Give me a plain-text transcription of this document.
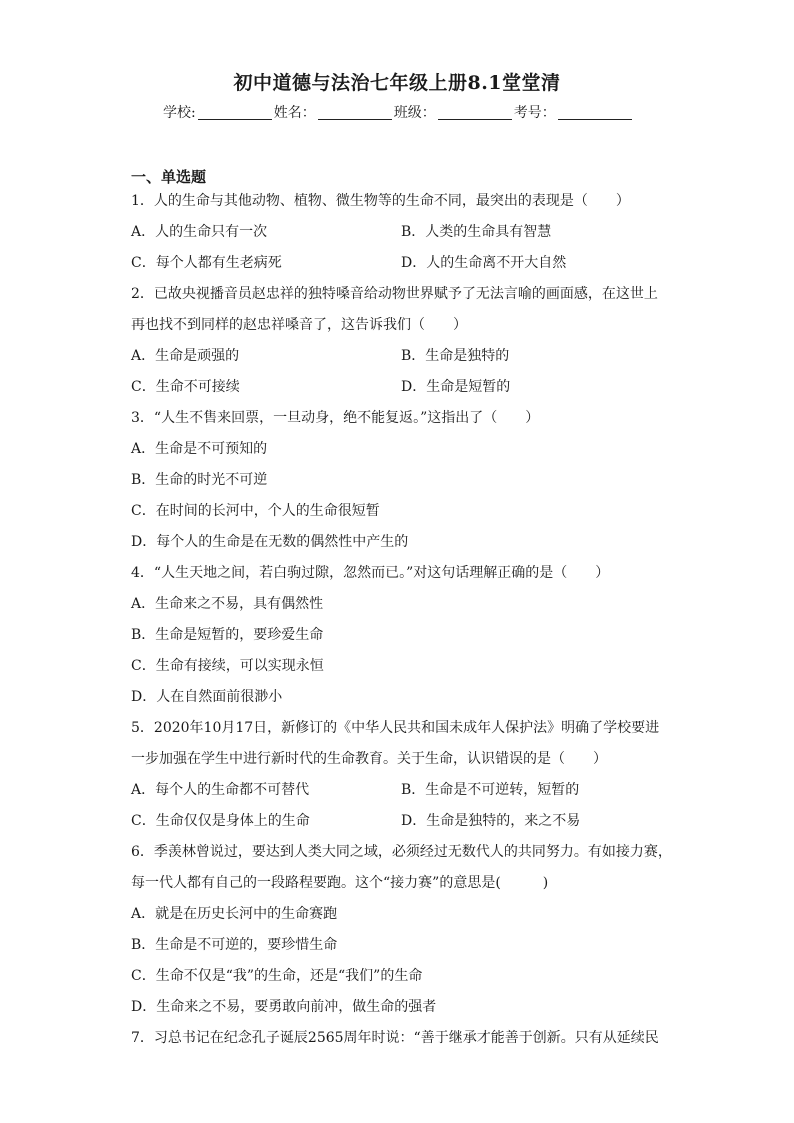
初中道德与法治七年级上册8.1堂堂清
学校:	姓名：	班级：	考号：
一、单选题
1．人的生命与其他动物、植物、微生物等的生命不同，最突出的表现是（　　）
A．人的生命只有一次	B．人类的生命具有智慧
C．每个人都有生老病死	D．人的生命离不开大自然
2．已故央视播音员赵忠祥的独特嗓音给动物世界赋予了无法言喻的画面感，在这世上
再也找不到同样的赵忠祥嗓音了，这告诉我们（　　）
A．生命是顽强的	B．生命是独特的
C．生命不可接续	D．生命是短暂的
3．“人生不售来回票，一旦动身，绝不能复返。”这指出了（　　）
A．生命是不可预知的
B．生命的时光不可逆
C．在时间的长河中，个人的生命很短暂
D．每个人的生命是在无数的偶然性中产生的
4．“人生天地之间，若白驹过隙，忽然而已。”对这句话理解正确的是（　　）
A．生命来之不易，具有偶然性
B．生命是短暂的，要珍爱生命
C．生命有接续，可以实现永恒
D．人在自然面前很渺小
5．2020年10月17日，新修订的《中华人民共和国未成年人保护法》明确了学校要进
一步加强在学生中进行新时代的生命教育。关于生命，认识错误的是（　　）
A．每个人的生命都不可替代	B．生命是不可逆转，短暂的
C．生命仅仅是身体上的生命	D．生命是独特的，来之不易
6．季羡林曾说过，要达到人类大同之域，必须经过无数代人的共同努力。有如接力赛，
每一代人都有自己的一段路程要跑。这个“接力赛”的意思是(　　　)
A．就是在历史长河中的生命赛跑
B．生命是不可逆的，要珍惜生命
C．生命不仅是“我”的生命，还是“我们”的生命
D．生命来之不易，要勇敢向前冲，做生命的强者
7．习总书记在纪念孔子诞辰2565周年时说：“善于继承才能善于创新。只有从延续民
